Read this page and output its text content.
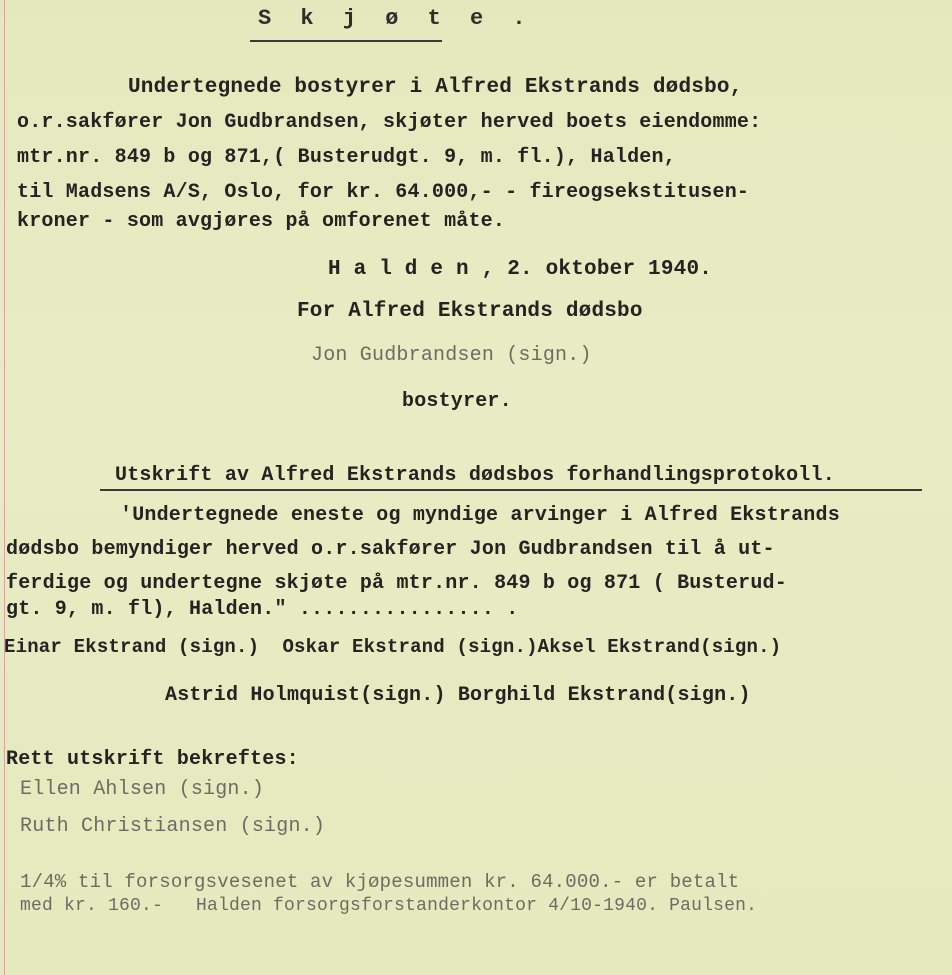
S k j ø t e .
Undertegnede bostyrer i Alfred Ekstrands dødsbo,
o.r.sakfører Jon Gudbrandsen, skjøter herved boets eiendomme:
mtr.nr. 849 b og 871,( Busterudgt. 9, m. fl.), Halden,
til Madsens A/S, Oslo, for kr. 64.000,- - fireogsekstitusen-
kroner - som avgjøres på omforenet måte.
H a l d e n , 2. oktober 1940.
For Alfred Ekstrands dødsbo
Jon Gudbrandsen (sign.)
bostyrer.
Utskrift av Alfred Ekstrands dødsbos forhandlingsprotokoll.
'Undertegnede eneste og myndige arvinger i Alfred Ekstrands
dødsbo bemyndiger herved o.r.sakfører Jon Gudbrandsen til å ut-
ferdige og undertegne skjøte på mtr.nr. 849 b og 871 ( Busterud-
gt. 9, m. fl), Halden." ................ .
Einar Ekstrand (sign.)  Oskar Ekstrand (sign.)Aksel Ekstrand(sign.)
Astrid Holmquist(sign.) Borghild Ekstrand(sign.)
Rett utskrift bekreftes:
Ellen Ahlsen (sign.)
Ruth Christiansen (sign.)
1/4% til forsorgsvesenet av kjøpesummen kr. 64.000.- er betalt
med kr. 160.-   Halden forsorgsforstanderkontor 4/10-1940. Paulsen.
